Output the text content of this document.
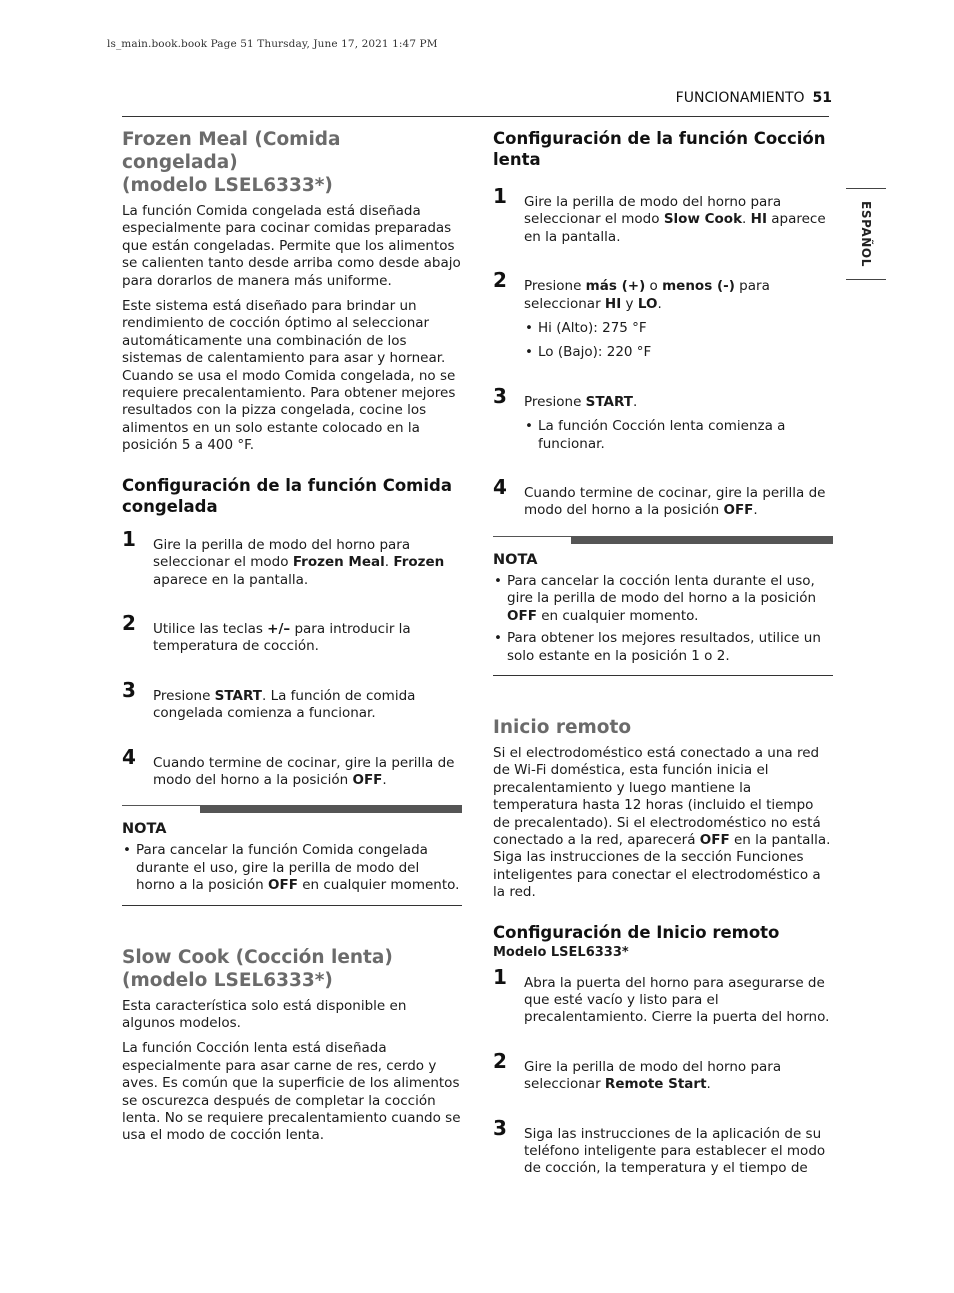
ls_main.book.book Page 51 Thursday, June 17, 2021 1:47 PM
FUNCIONAMIENTO 51
ESPAÑOL
Frozen Meal (Comida congelada)
(modelo LSEL6333*)

La función Comida congelada está diseñada especialmente para cocinar comidas preparadas que están congeladas. Permite que los alimentos se calienten tanto desde arriba como desde abajo para dorarlos de manera más uniforme.

Este sistema está diseñado para brindar un rendimiento de cocción óptimo al seleccionar automáticamente una combinación de los sistemas de calentamiento para asar y hornear. Cuando se usa el modo Comida congelada, no se requiere precalentamiento. Para obtener mejores resultados con la pizza congelada, cocine los alimentos en un solo estante colocado en la posición 5 a 400 °F.

Configuración de la función Comida
congelada
1 Gire la perilla de modo del horno para seleccionar el modo Frozen Meal. Frozen aparece en la pantalla.
2 Utilice las teclas +/– para introducir la temperatura de cocción.
3 Presione START. La función de comida congelada comienza a funcionar.
4 Cuando termine de cocinar, gire la perilla de modo del horno a la posición OFF.
NOTA
• Para cancelar la función Comida congelada durante el uso, gire la perilla de modo del horno a la posición OFF en cualquier momento.
Slow Cook (Cocción lenta)
(modelo LSEL6333*)

Esta característica solo está disponible en algunos modelos.

La función Cocción lenta está diseñada especialmente para asar carne de res, cerdo y aves. Es común que la superficie de los alimentos se oscurezca después de completar la cocción lenta. No se requiere precalentamiento cuando se usa el modo de cocción lenta.

Configuración de la función Cocción
lenta
1 Gire la perilla de modo del horno para seleccionar el modo Slow Cook. HI aparece en la pantalla.
2 Presione más (+) o menos (-) para seleccionar HI y LO.
• Hi (Alto): 275 °F
• Lo (Bajo): 220 °F
3 Presione START.
• La función Cocción lenta comienza a funcionar.
4 Cuando termine de cocinar, gire la perilla de modo del horno a la posición OFF.
NOTA
• Para cancelar la cocción lenta durante el uso, gire la perilla de modo del horno a la posición OFF en cualquier momento.
• Para obtener los mejores resultados, utilice un solo estante en la posición 1 o 2.
Inicio remoto

Si el electrodoméstico está conectado a una red de Wi-Fi doméstica, esta función inicia el precalentamiento y luego mantiene la temperatura hasta 12 horas (incluido el tiempo de precalentado). Si el electrodoméstico no está conectado a la red, aparecerá OFF en la pantalla. Siga las instrucciones de la sección Funciones inteligentes para conectar el electrodoméstico a la red.

Configuración de Inicio remoto
Modelo LSEL6333*
1 Abra la puerta del horno para asegurarse de que esté vacío y listo para el precalentamiento. Cierre la puerta del horno.
2 Gire la perilla de modo del horno para seleccionar Remote Start.
3 Siga las instrucciones de la aplicación de su teléfono inteligente para establecer el modo de cocción, la temperatura y el tiempo de
